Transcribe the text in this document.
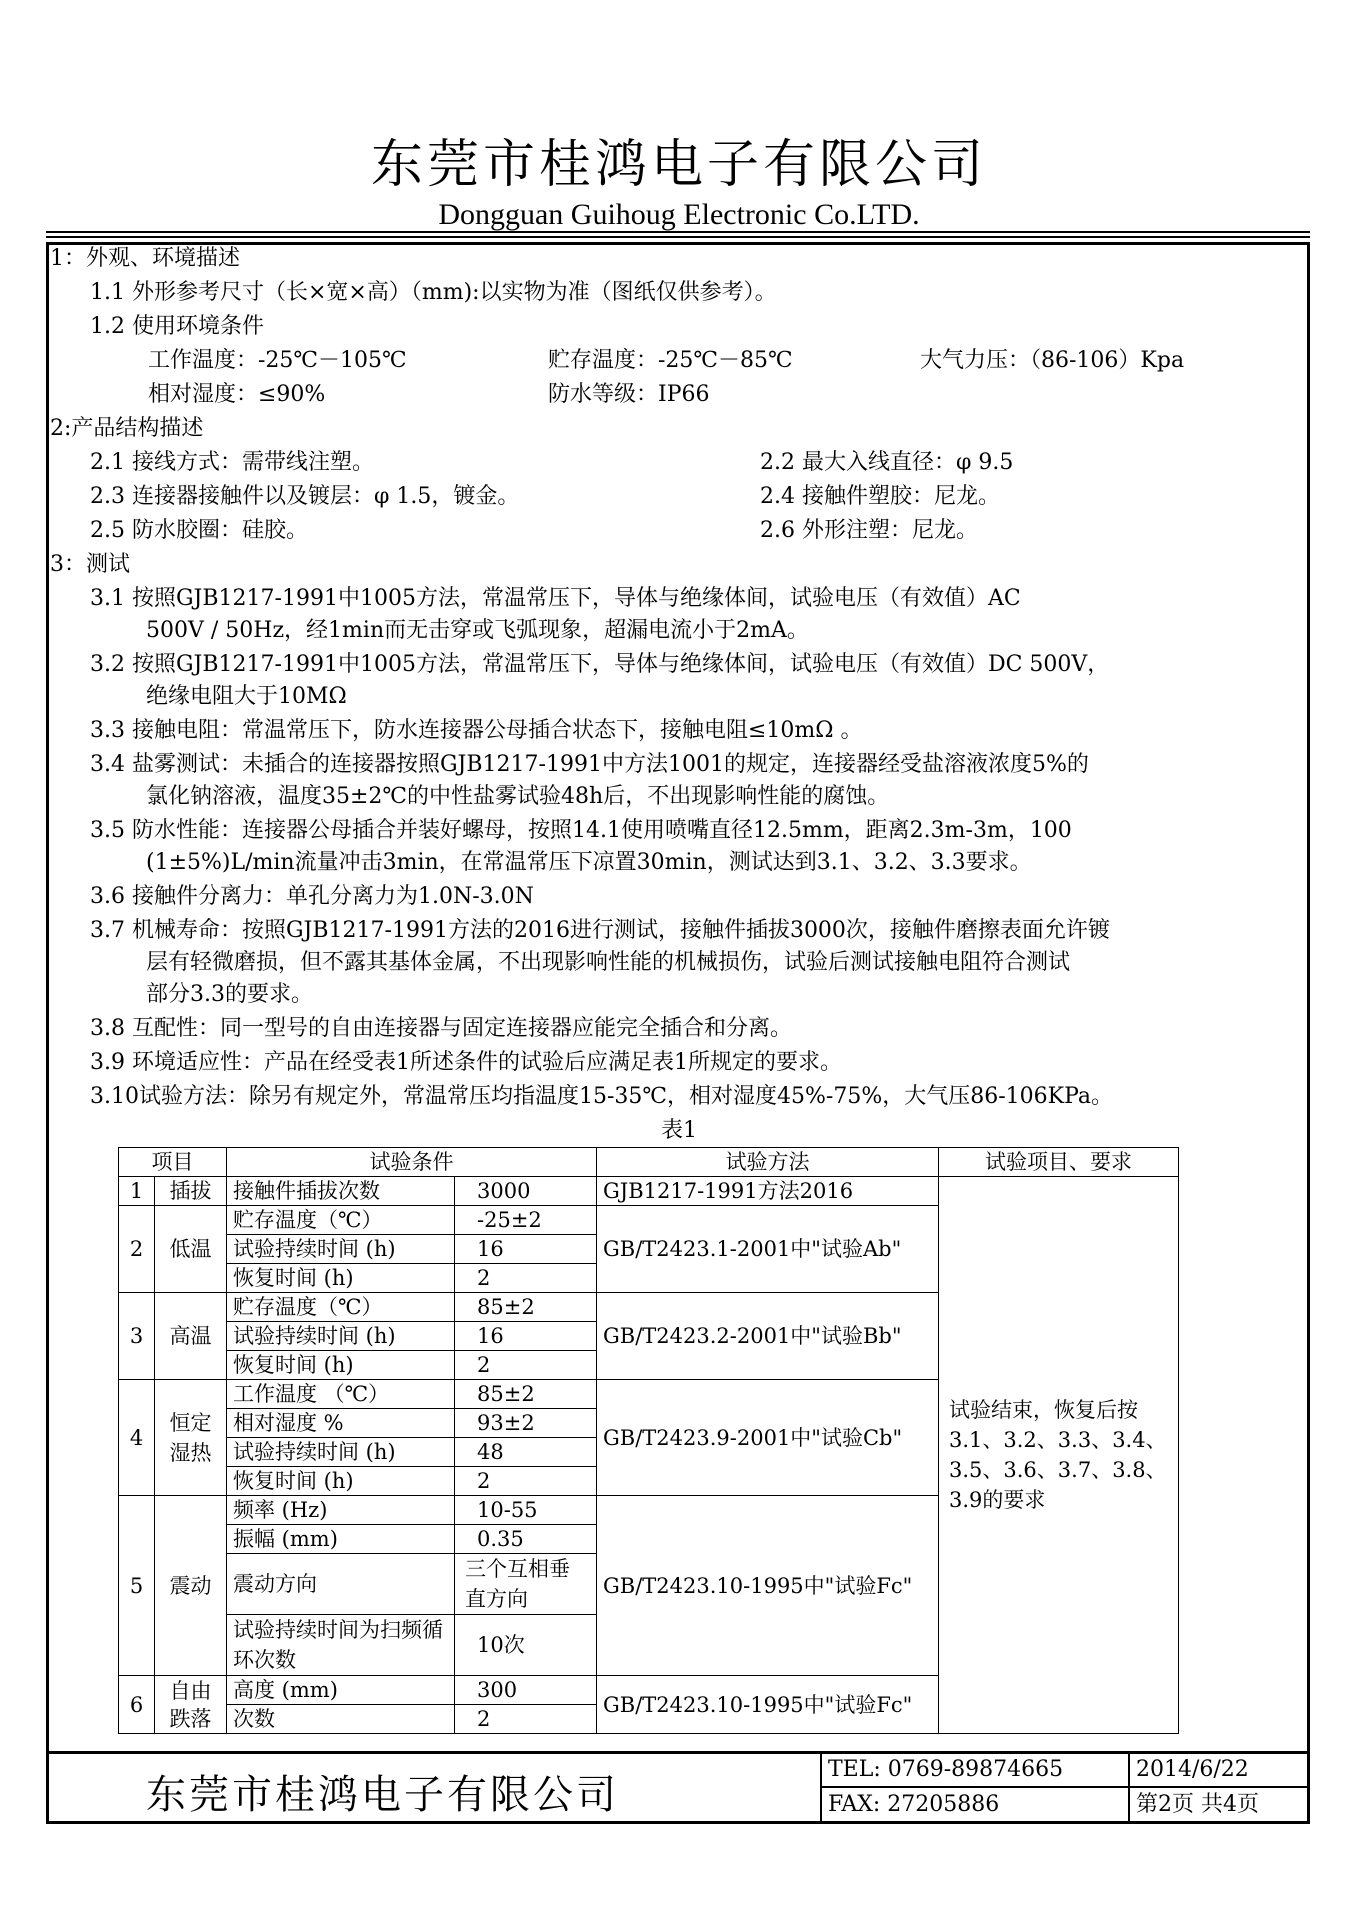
东莞市桂鸿电子有限公司
Dongguan Guihoug Electronic Co.LTD.
1：外观、环境描述
1.1 外形参考尺寸（长×宽×高）（mm):以实物为准（图纸仅供参考）。
1.2 使用环境条件
工作温度：-25℃－105℃	贮存温度：-25℃－85℃	大气力压：（86-106）Kpa
相对湿度：≤90%	防水等级：IP66
2:产品结构描述
2.1 接线方式：需带线注塑。	2.2 最大入线直径：φ 9.5
2.3 连接器接触件以及镀层：φ 1.5，镀金。	2.4 接触件塑胶：尼龙。
2.5 防水胶圈：硅胶。	2.6 外形注塑：尼龙。
3：测试
3.1 按照GJB1217-1991中1005方法，常温常压下，导体与绝缘体间，试验电压（有效值）AC
500V / 50Hz，经1min而无击穿或飞弧现象，超漏电流小于2mA。
3.2 按照GJB1217-1991中1005方法，常温常压下，导体与绝缘体间，试验电压（有效值）DC 500V，
绝缘电阻大于10MΩ
3.3 接触电阻：常温常压下，防水连接器公母插合状态下，接触电阻≤10mΩ 。
3.4 盐雾测试：未插合的连接器按照GJB1217-1991中方法1001的规定，连接器经受盐溶液浓度5%的
氯化钠溶液，温度35±2℃的中性盐雾试验48h后，不出现影响性能的腐蚀。
3.5 防水性能：连接器公母插合并装好螺母，按照14.1使用喷嘴直径12.5mm，距离2.3m-3m，100
(1±5%)L/min流量冲击3min，在常温常压下凉置30min，测试达到3.1、3.2、3.3要求。
3.6 接触件分离力：单孔分离力为1.0N-3.0N
3.7 机械寿命：按照GJB1217-1991方法的2016进行测试，接触件插拔3000次，接触件磨擦表面允许镀
层有轻微磨损，但不露其基体金属，不出现影响性能的机械损伤，试验后测试接触电阻符合测试
部分3.3的要求。
3.8 互配性：同一型号的自由连接器与固定连接器应能完全插合和分离。
3.9 环境适应性：产品在经受表1所述条件的试验后应满足表1所规定的要求。
3.10试验方法：除另有规定外，常温常压均指温度15-35℃，相对湿度45%-75%，大气压86-106KPa。
表1
项目		试验条件		试验方法	试验项目、要求
1	插拔	接触件插拔次数	3000	GJB1217-1991方法2016	试验结束，恢复后按3.1、3.2、3.3、3.4、3.5、3.6、3.7、3.8、3.9的要求
2	低温	贮存温度（℃）	-25±2	GB/T2423.1-2001中"试验Ab"	
		试验持续时间 (h)	16		
		恢复时间 (h)	2		
3	高温	贮存温度（℃）	85±2	GB/T2423.2-2001中"试验Bb"	
		试验持续时间 (h)	16		
		恢复时间 (h)	2		
4	恒定湿热	工作温度 （℃）	85±2	GB/T2423.9-2001中"试验Cb"	
		相对湿度 %	93±2		
		试验持续时间 (h)	48		
		恢复时间 (h)	2		
5	震动	频率 (Hz)	10-55	GB/T2423.10-1995中"试验Fc"	
		振幅 (mm)	0.35		
		震动方向	三个互相垂直方向		
		试验持续时间为扫频循环次数	10次		
6	自由跌落	高度 (mm)	300	GB/T2423.10-1995中"试验Fc"	
		次数	2		
东莞市桂鸿电子有限公司
TEL: 0769-89874665
FAX: 27205886
2014/6/22
第2页 共4页
